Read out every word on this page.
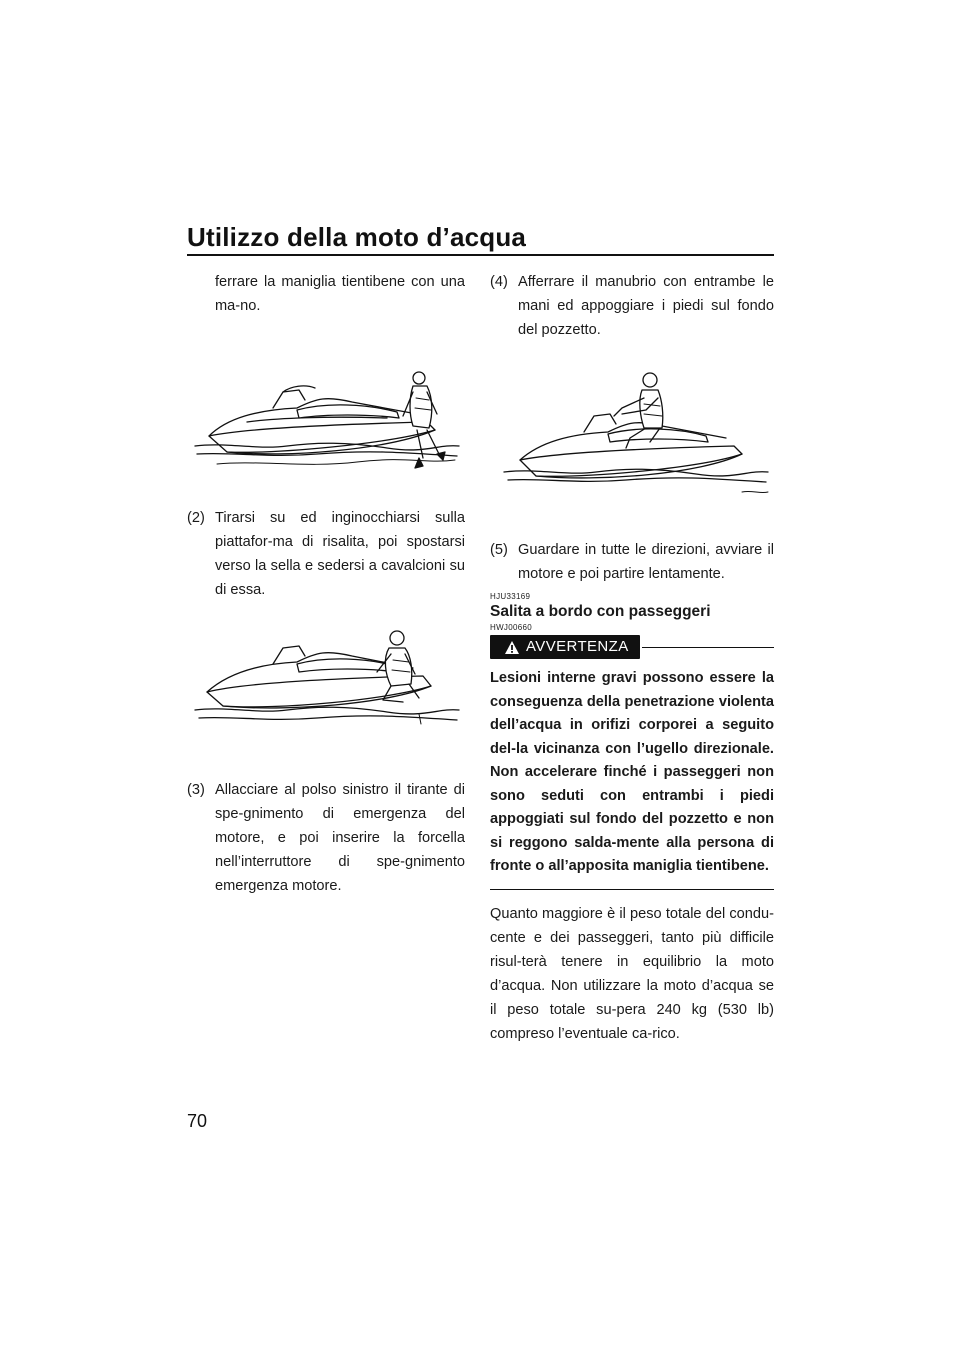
Utilizzo della moto d’acqua

ferrare la maniglia tientibene con una ma-no.

(2) Tirarsi su ed inginocchiarsi sulla piattafor-ma di risalita, poi spostarsi verso la sella e sedersi a cavalcioni su di essa.

(3) Allacciare al polso sinistro il tirante di spe-gnimento di emergenza del motore, e poi inserire la forcella nell’interruttore di spe-gnimento emergenza motore.

(4) Afferrare il manubrio con entrambe le mani ed appoggiare i piedi sul fondo del pozzetto.

(5) Guardare in tutte le direzioni, avviare il motore e poi partire lentamente.

HJU33169

Salita a bordo con passeggeri

HWJ00660

AVVERTENZA

Lesioni interne gravi possono essere la conseguenza della penetrazione violenta dell’acqua in orifizi corporei a seguito del-la vicinanza con l’ugello direzionale. Non accelerare finché i passeggeri non sono seduti con entrambi i piedi appoggiati sul fondo del pozzetto e non si reggono salda-mente alla persona di fronte o all’apposita maniglia tientibene.

Quanto maggiore è il peso totale del condu-cente e dei passeggeri, tanto più difficile risul-terà tenere in equilibrio la moto d’acqua. Non utilizzare la moto d’acqua se il peso totale su-pera 240 kg (530 lb) compreso l’eventuale ca-rico.

70
